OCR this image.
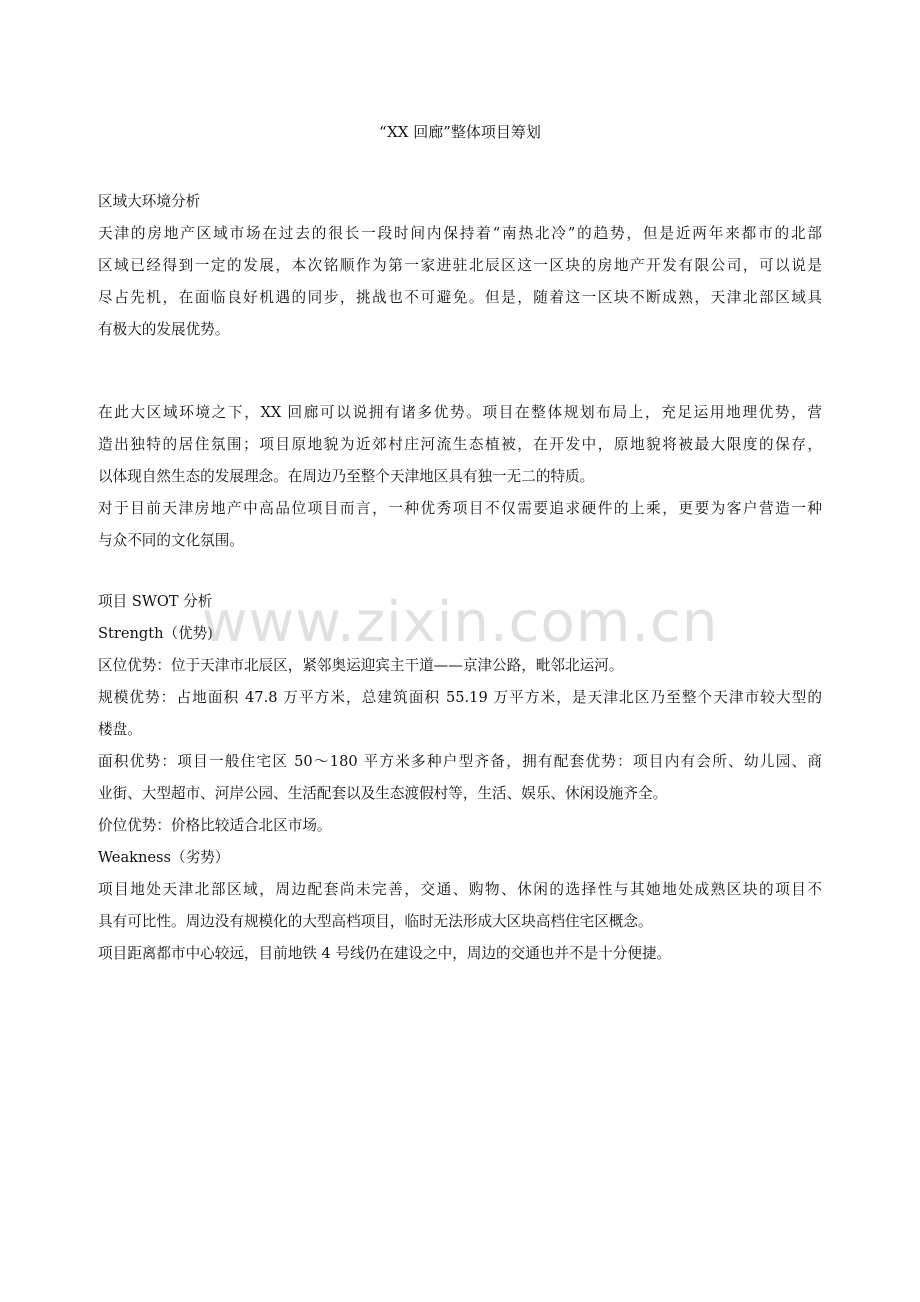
“XX 回廊”整体项目筹划
区域大环境分析
天津的房地产区域市场在过去的很长一段时间内保持着“南热北冷”的趋势，但是近两年来都市的北部
区域已经得到一定的发展，本次铭顺作为第一家进驻北辰区这一区块的房地产开发有限公司，可以说是
尽占先机，在面临良好机遇的同步，挑战也不可避免。但是，随着这一区块不断成熟，天津北部区域具
有极大的发展优势。
在此大区域环境之下，XX 回廊可以说拥有诸多优势。项目在整体规划布局上，充足运用地理优势，营
造出独特的居住氛围；项目原地貌为近郊村庄河流生态植被，在开发中，原地貌将被最大限度的保存，
以体现自然生态的发展理念。在周边乃至整个天津地区具有独一无二的特质。
对于目前天津房地产中高品位项目而言，一种优秀项目不仅需要追求硬件的上乘，更要为客户营造一种
与众不同的文化氛围。
项目 SWOT 分析
Strength（优势)
区位优势：位于天津市北辰区，紧邻奥运迎宾主干道——京津公路，毗邻北运河。
规模优势：占地面积 47.8 万平方米，总建筑面积 55.19 万平方米，是天津北区乃至整个天津市较大型的
楼盘。
面积优势：项目一般住宅区 50～180 平方米多种户型齐备，拥有配套优势：项目内有会所、幼儿园、商
业街、大型超市、河岸公园、生活配套以及生态渡假村等，生活、娱乐、休闲设施齐全。
价位优势：价格比较适合北区市场。
Weakness（劣势）
项目地处天津北部区域，周边配套尚未完善，交通、购物、休闲的选择性与其她地处成熟区块的项目不
具有可比性。周边没有规模化的大型高档项目，临时无法形成大区块高档住宅区概念。
项目距离都市中心较远，目前地铁 4 号线仍在建设之中，周边的交通也并不是十分便捷。
www.zixin.com.cn
